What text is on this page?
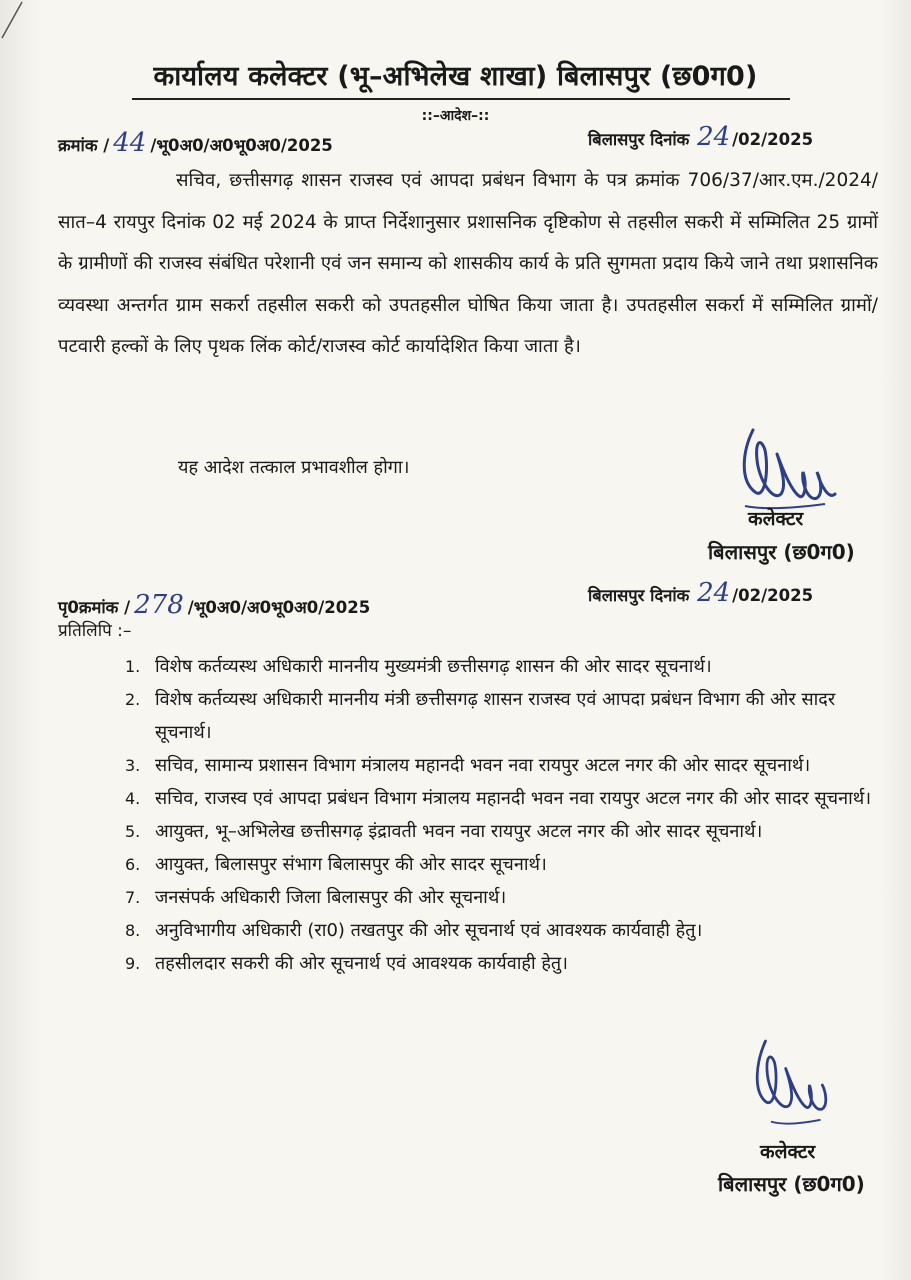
कार्यालय कलेक्टर (भू–अभिलेख शाखा) बिलासपुर (छ0ग0)
::–आदेश–::
क्रमांक / 44 /भू0अ0/अ0भू0अ0/2025	बिलासपुर दिनांक 24 /02/2025
सचिव, छत्तीसगढ़ शासन राजस्व एवं आपदा प्रबंधन विभाग के पत्र क्रमांक 706/37/आर.एम./2024/सात–4 रायपुर दिनांक 02 मई 2024 के प्राप्त निर्देशानुसार प्रशासनिक दृष्टिकोण से तहसील सकरी में सम्मिलित 25 ग्रामों के ग्रामीणों की राजस्व संबंधित परेशानी एवं जन समान्य को शासकीय कार्य के प्रति सुगमता प्रदाय किये जाने तथा प्रशासनिक व्यवस्था अन्तर्गत ग्राम सकर्रा तहसील सकरी को उपतहसील घोषित किया जाता है। उपतहसील सकर्रा में सम्मिलित ग्रामों/पटवारी हल्कों के लिए पृथक लिंक कोर्ट/राजस्व कोर्ट कार्यादेशित किया जाता है।
यह आदेश तत्काल प्रभावशील होगा।
कलेक्टर
बिलासपुर (छ0ग0)
पृ0क्रमांक / 278 /भू0अ0/अ0भू0अ0/2025
बिलासपुर दिनांक 24 /02/2025
प्रतिलिपि :–
1. विशेष कर्तव्यस्थ अधिकारी माननीय मुख्यमंत्री छत्तीसगढ़ शासन की ओर सादर सूचनार्थ।
2. विशेष कर्तव्यस्थ अधिकारी माननीय मंत्री छत्तीसगढ़ शासन राजस्व एवं आपदा प्रबंधन विभाग की ओर सादर सूचनार्थ।
3. सचिव, सामान्य प्रशासन विभाग मंत्रालय महानदी भवन नवा रायपुर अटल नगर की ओर सादर सूचनार्थ।
4. सचिव, राजस्व एवं आपदा प्रबंधन विभाग मंत्रालय महानदी भवन नवा रायपुर अटल नगर की ओर सादर सूचनार्थ।
5. आयुक्त, भू–अभिलेख छत्तीसगढ़ इंद्रावती भवन नवा रायपुर अटल नगर की ओर सादर सूचनार्थ।
6. आयुक्त, बिलासपुर संभाग बिलासपुर की ओर सादर सूचनार्थ।
7. जनसंपर्क अधिकारी जिला बिलासपुर की ओर सूचनार्थ।
8. अनुविभागीय अधिकारी (रा0) तखतपुर की ओर सूचनार्थ एवं आवश्यक कार्यवाही हेतु।
9. तहसीलदार सकरी की ओर सूचनार्थ एवं आवश्यक कार्यवाही हेतु।
कलेक्टर
बिलासपुर (छ0ग0)
